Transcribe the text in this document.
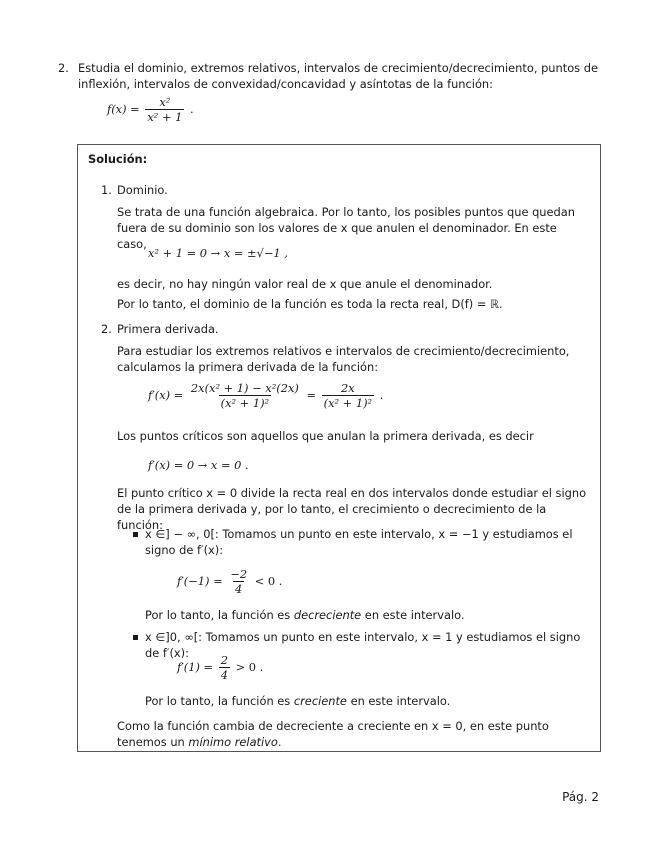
2. Estudia el dominio, extremos relativos, intervalos de crecimiento/decrecimiento, puntos de inflexión, intervalos de convexidad/concavidad y asíntotas de la función:
$f(x) = \frac{\text{x²}}{\text{x² + 1}}$ .
Solución:
1. Dominio.
Se trata de una función algebraica. Por lo tanto, los posibles puntos que quedan fuera de su dominio son los valores de x que anulen el denominador. En este caso,
x² + 1 = 0 → x = ±√−1 ,
es decir, no hay ningún valor real de x que anule el denominador.
Por lo tanto, el dominio de la función es toda la recta real, D(f) = ℝ.
2. Primera derivada.
Para estudiar los extremos relativos e intervalos de crecimiento/decrecimiento, calculamos la primera derivada de la función:
$f'(x) = \frac{\text{2x(x² + 1) − x²(2x)}}{\text{(x² + 1)²}} = \frac{2x}{\text{(x² + 1)²}}$ .
Los puntos críticos son aquellos que anulan la primera derivada, es decir
f′(x) = 0 → x = 0 .
El punto crítico x = 0 divide la recta real en dos intervalos donde estudiar el signo de la primera derivada y, por lo tanto, el crecimiento o decrecimiento de la función:
x ∈] − ∞, 0[: Tomamos un punto en este intervalo, x = −1 y estudiamos el signo de f′(x):
$f'(-1) = \frac{-2}{4} < 0$ .
Por lo tanto, la función es decreciente en este intervalo.
x ∈]0, ∞[: Tomamos un punto en este intervalo, x = 1 y estudiamos el signo de f′(x):
$f'(1) = \frac{2}{4} > 0$ .
Por lo tanto, la función es creciente en este intervalo.
Como la función cambia de decreciente a creciente en x = 0, en este punto tenemos un mínimo relativo.
Pág. 2
